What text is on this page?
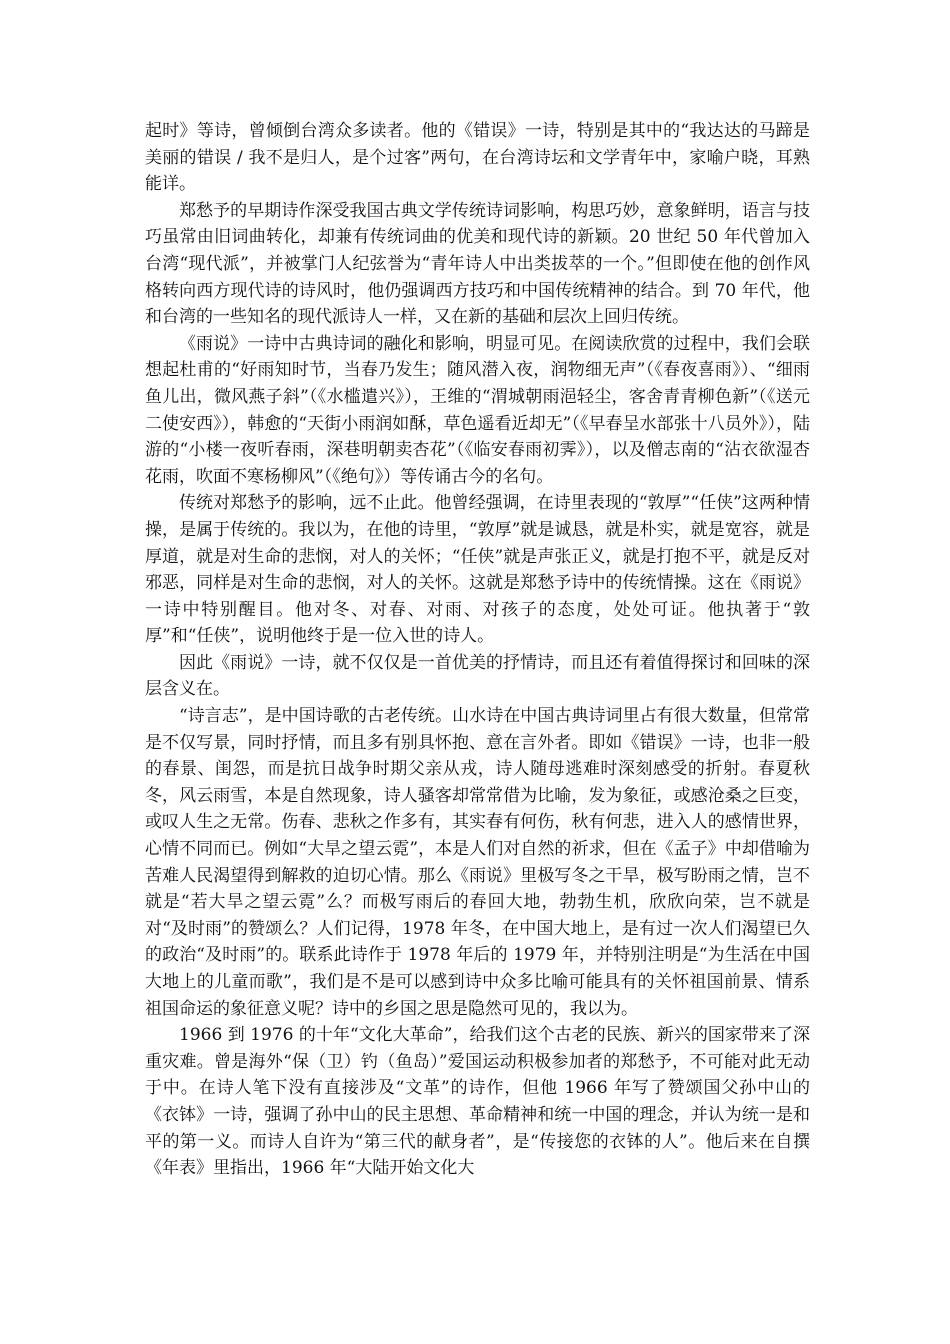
起时》等诗，曾倾倒台湾众多读者。他的《错误》一诗，特别是其中的“我达达的马蹄是美丽的错误 / 我不是归人，是个过客”两句，在台湾诗坛和文学青年中，家喻户晓，耳熟能详。

郑愁予的早期诗作深受我国古典文学传统诗词影响，构思巧妙，意象鲜明，语言与技巧虽常由旧词曲转化，却兼有传统词曲的优美和现代诗的新颖。20 世纪 50 年代曾加入台湾“现代派”，并被掌门人纪弦誉为“青年诗人中出类拔萃的一个。”但即使在他的创作风格转向西方现代诗的诗风时，他仍强调西方技巧和中国传统精神的结合。到 70 年代，他和台湾的一些知名的现代派诗人一样，又在新的基础和层次上回归传统。

《雨说》一诗中古典诗词的融化和影响，明显可见。在阅读欣赏的过程中，我们会联想起杜甫的“好雨知时节，当春乃发生；随风潜入夜，润物细无声”（《春夜喜雨》）、“细雨鱼儿出，微风燕子斜”（《水槛遣兴》），王维的“渭城朝雨浥轻尘，客舍青青柳色新”（《送元二使安西》），韩愈的“天街小雨润如酥，草色遥看近却无”（《早春呈水部张十八员外》），陆游的“小楼一夜听春雨，深巷明朝卖杏花”（《临安春雨初霁》），以及僧志南的“沾衣欲湿杏花雨，吹面不寒杨柳风”（《绝句》）等传诵古今的名句。

传统对郑愁予的影响，远不止此。他曾经强调，在诗里表现的“敦厚”“任侠”这两种情操，是属于传统的。我以为，在他的诗里，“敦厚”就是诚恳，就是朴实，就是宽容，就是厚道，就是对生命的悲悯，对人的关怀；“任侠”就是声张正义，就是打抱不平，就是反对邪恶，同样是对生命的悲悯，对人的关怀。这就是郑愁予诗中的传统情操。这在《雨说》一诗中特别醒目。他对冬、对春、对雨、对孩子的态度，处处可证。他执著于“敦厚”和“任侠”，说明他终于是一位入世的诗人。

因此《雨说》一诗，就不仅仅是一首优美的抒情诗，而且还有着值得探讨和回味的深层含义在。

“诗言志”，是中国诗歌的古老传统。山水诗在中国古典诗词里占有很大数量，但常常是不仅写景，同时抒情，而且多有别具怀抱、意在言外者。即如《错误》一诗，也非一般的春景、闺怨，而是抗日战争时期父亲从戎，诗人随母逃难时深刻感受的折射。春夏秋冬，风云雨雪，本是自然现象，诗人骚客却常常借为比喻，发为象征，或感沧桑之巨变，或叹人生之无常。伤春、悲秋之作多有，其实春有何伤，秋有何悲，进入人的感情世界，心情不同而已。例如“大旱之望云霓”，本是人们对自然的祈求，但在《孟子》中却借喻为苦难人民渴望得到解救的迫切心情。那么《雨说》里极写冬之干旱，极写盼雨之情，岂不就是“若大旱之望云霓”么？而极写雨后的春回大地，勃勃生机，欣欣向荣，岂不就是对“及时雨”的赞颂么？人们记得，1978 年冬，在中国大地上，是有过一次人们渴望已久的政治“及时雨”的。联系此诗作于 1978 年后的 1979 年，并特别注明是“为生活在中国大地上的儿童而歌”，我们是不是可以感到诗中众多比喻可能具有的关怀祖国前景、情系祖国命运的象征意义呢？诗中的乡国之思是隐然可见的，我以为。

1966 到 1976 的十年“文化大革命”，给我们这个古老的民族、新兴的国家带来了深重灾难。曾是海外“保（卫）钓（鱼岛）”爱国运动积极参加者的郑愁予，不可能对此无动于中。在诗人笔下没有直接涉及“文革”的诗作，但他 1966 年写了赞颂国父孙中山的《衣钵》一诗，强调了孙中山的民主思想、革命精神和统一中国的理念，并认为统一是和平的第一义。而诗人自许为“第三代的献身者”，是“传接您的衣钵的人”。他后来在自撰《年表》里指出，1966 年“大陆开始文化大
